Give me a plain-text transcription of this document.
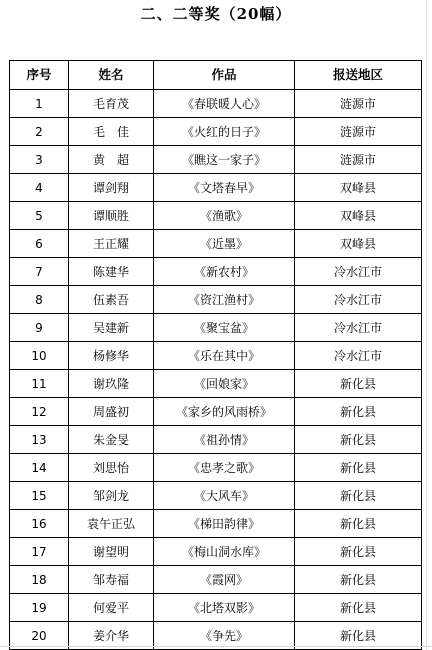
二、二等奖（20幅）
序号	姓名	作品	报送地区
1	毛育茂	《春联暖人心》	涟源市
2	毛　佳	《火红的日子》	涟源市
3	黄　超	《瞧这一家子》	涟源市
4	谭剑翔	《文塔春早》	双峰县
5	谭顺胜	《渔歌》	双峰县
6	王正耀	《近墨》	双峰县
7	陈建华	《新农村》	冷水江市
8	伍素吾	《资江渔村》	冷水江市
9	吴建新	《聚宝盆》	冷水江市
10	杨修华	《乐在其中》	冷水江市
11	谢玖隆	《回娘家》	新化县
12	周盛初	《家乡的风雨桥》	新化县
13	朱金旻	《祖孙情》	新化县
14	刘思怡	《忠孝之歌》	新化县
15	邹剑龙	《大风车》	新化县
16	袁午正弘	《梯田韵律》	新化县
17	谢望明	《梅山洞水库》	新化县
18	邹寿福	《霞网》	新化县
19	何爱平	《北塔双影》	新化县
20	姜介华	《争先》	新化县
